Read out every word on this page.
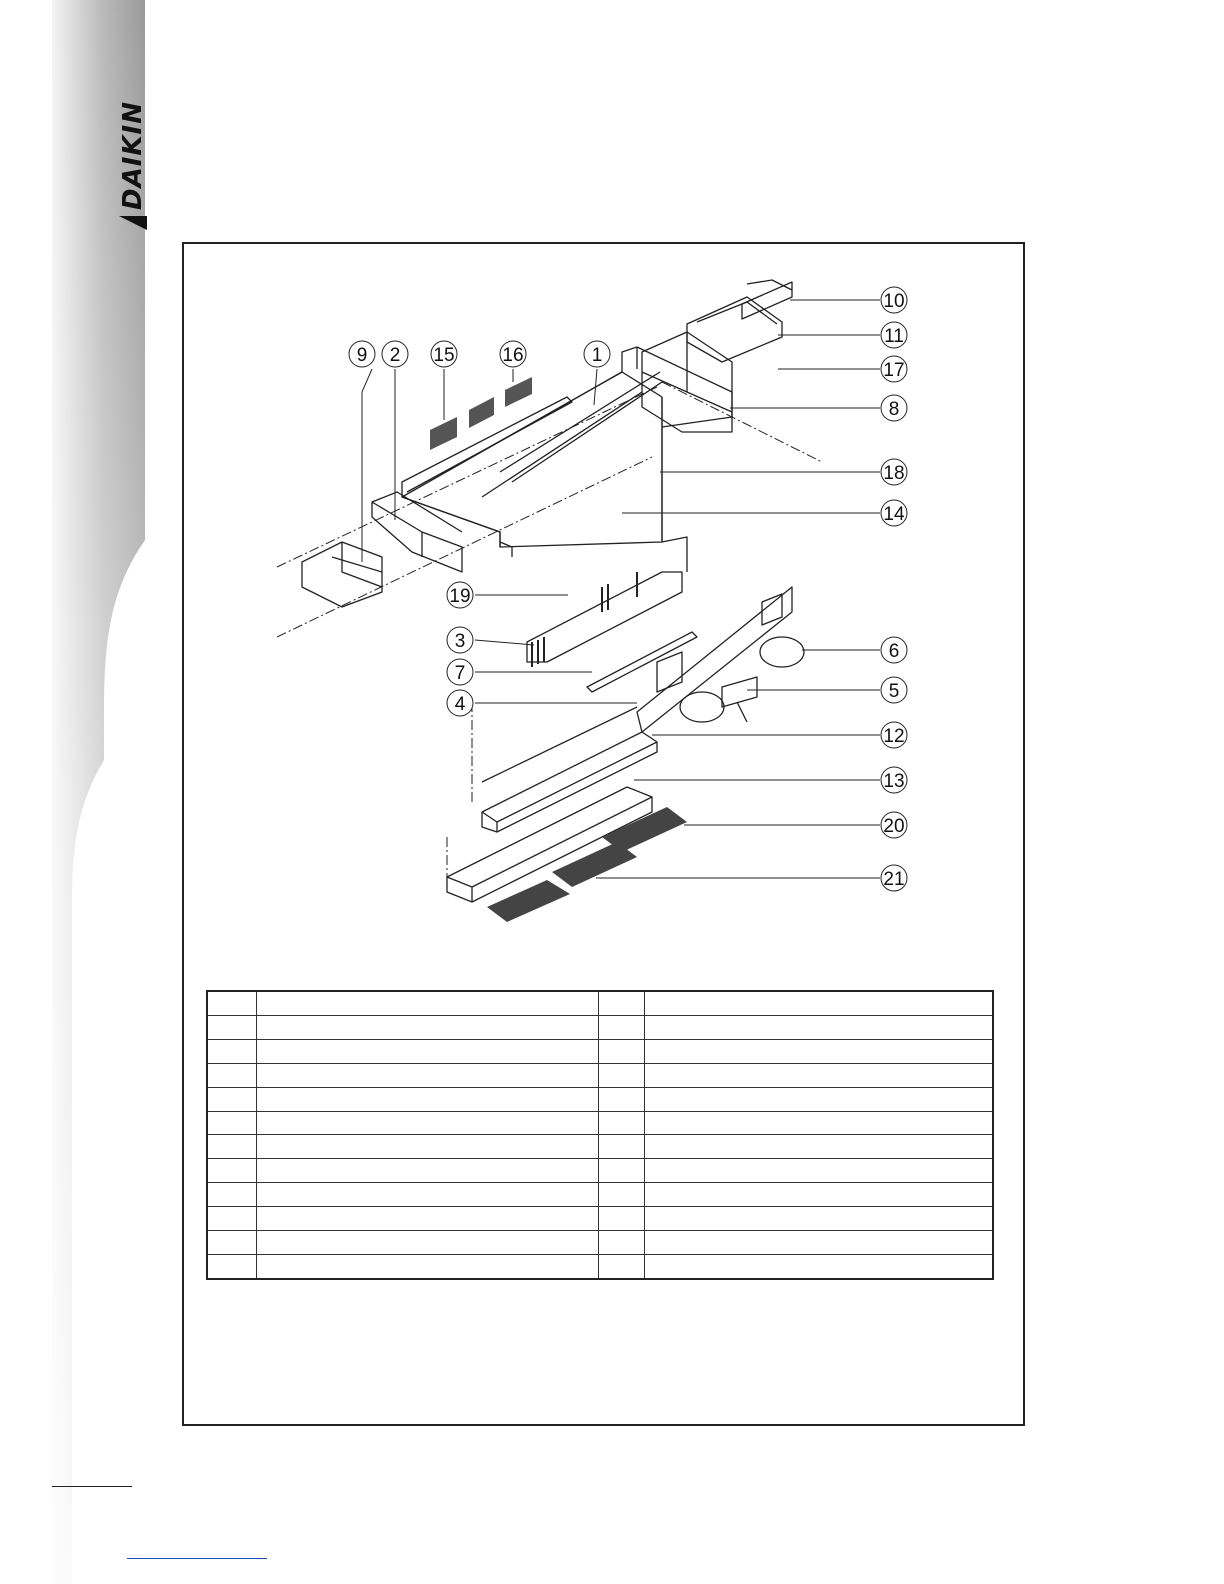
DAIKIN
10
11
17
8
18
14
6
5
12
13
20
21
9 2 15	16	1
19
3
7
4
